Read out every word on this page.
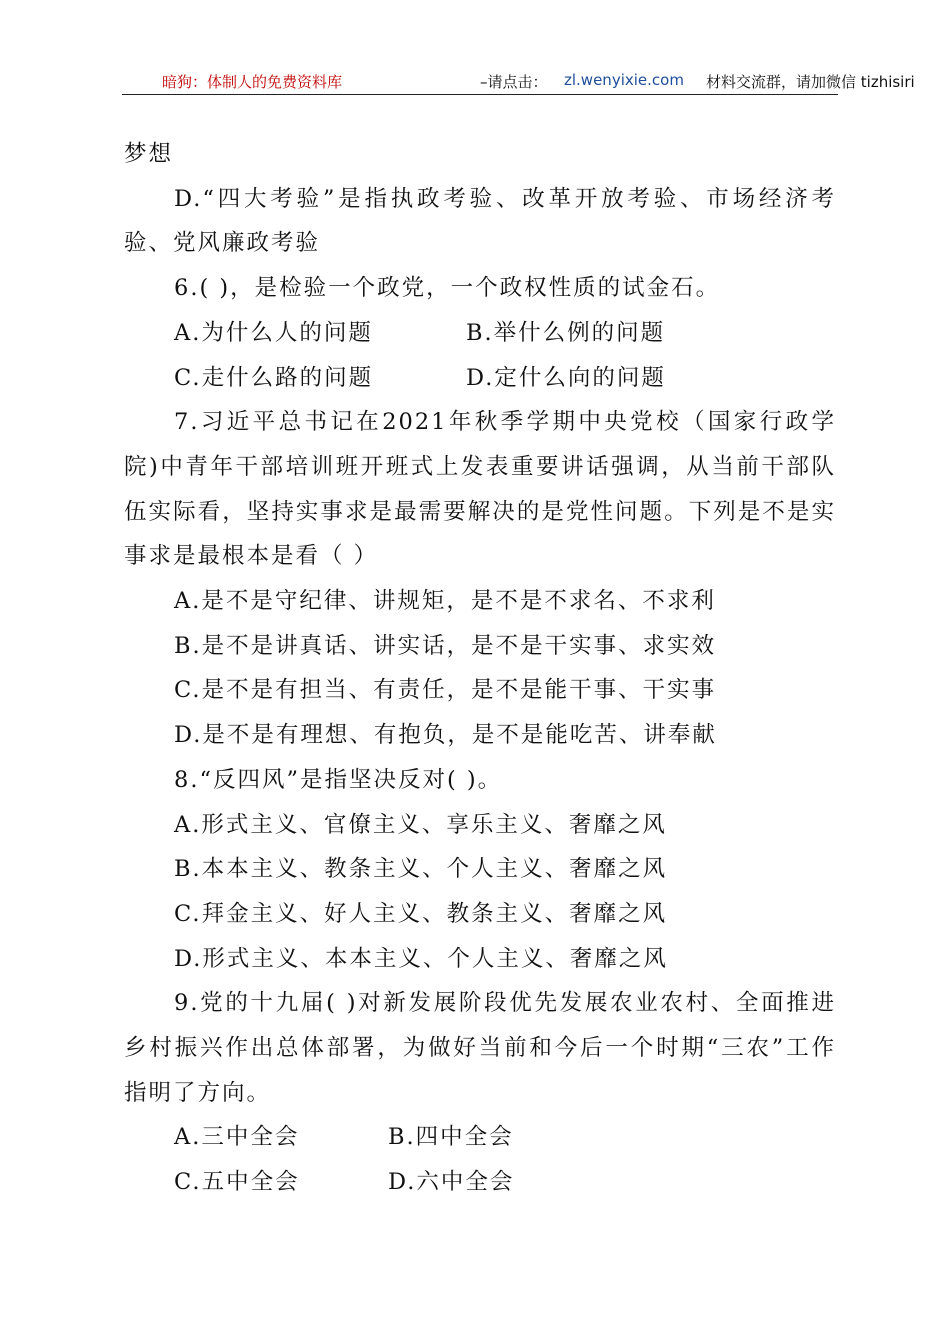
暗狗：体制人的免费资料库	–请点击： zl.wenyixie.com 材料交流群，请加微信 tizhisiri

梦想

D.“四大考验”是指执政考验、改革开放考验、市场经济考验、党风廉政考验

6.( )，是检验一个政党，一个政权性质的试金石。

A.为什么人的问题	B.举什么例的问题
C.走什么路的问题	D.定什么向的问题

7.习近平总书记在2021年秋季学期中央党校（国家行政学院)中青年干部培训班开班式上发表重要讲话强调，从当前干部队伍实际看，坚持实事求是最需要解决的是党性问题。下列是不是实事求是最根本是看（ ）

A.是不是守纪律、讲规矩，是不是不求名、不求利

B.是不是讲真话、讲实话，是不是干实事、求实效

C.是不是有担当、有责任，是不是能干事、干实事

D.是不是有理想、有抱负，是不是能吃苦、讲奉献

8.“反四风”是指坚决反对( )。

A.形式主义、官僚主义、享乐主义、奢靡之风

B.本本主义、教条主义、个人主义、奢靡之风

C.拜金主义、好人主义、教条主义、奢靡之风

D.形式主义、本本主义、个人主义、奢靡之风

9.党的十九届( )对新发展阶段优先发展农业农村、全面推进乡村振兴作出总体部署，为做好当前和今后一个时期“三农”工作指明了方向。

A.三中全会	B.四中全会
C.五中全会	D.六中全会
